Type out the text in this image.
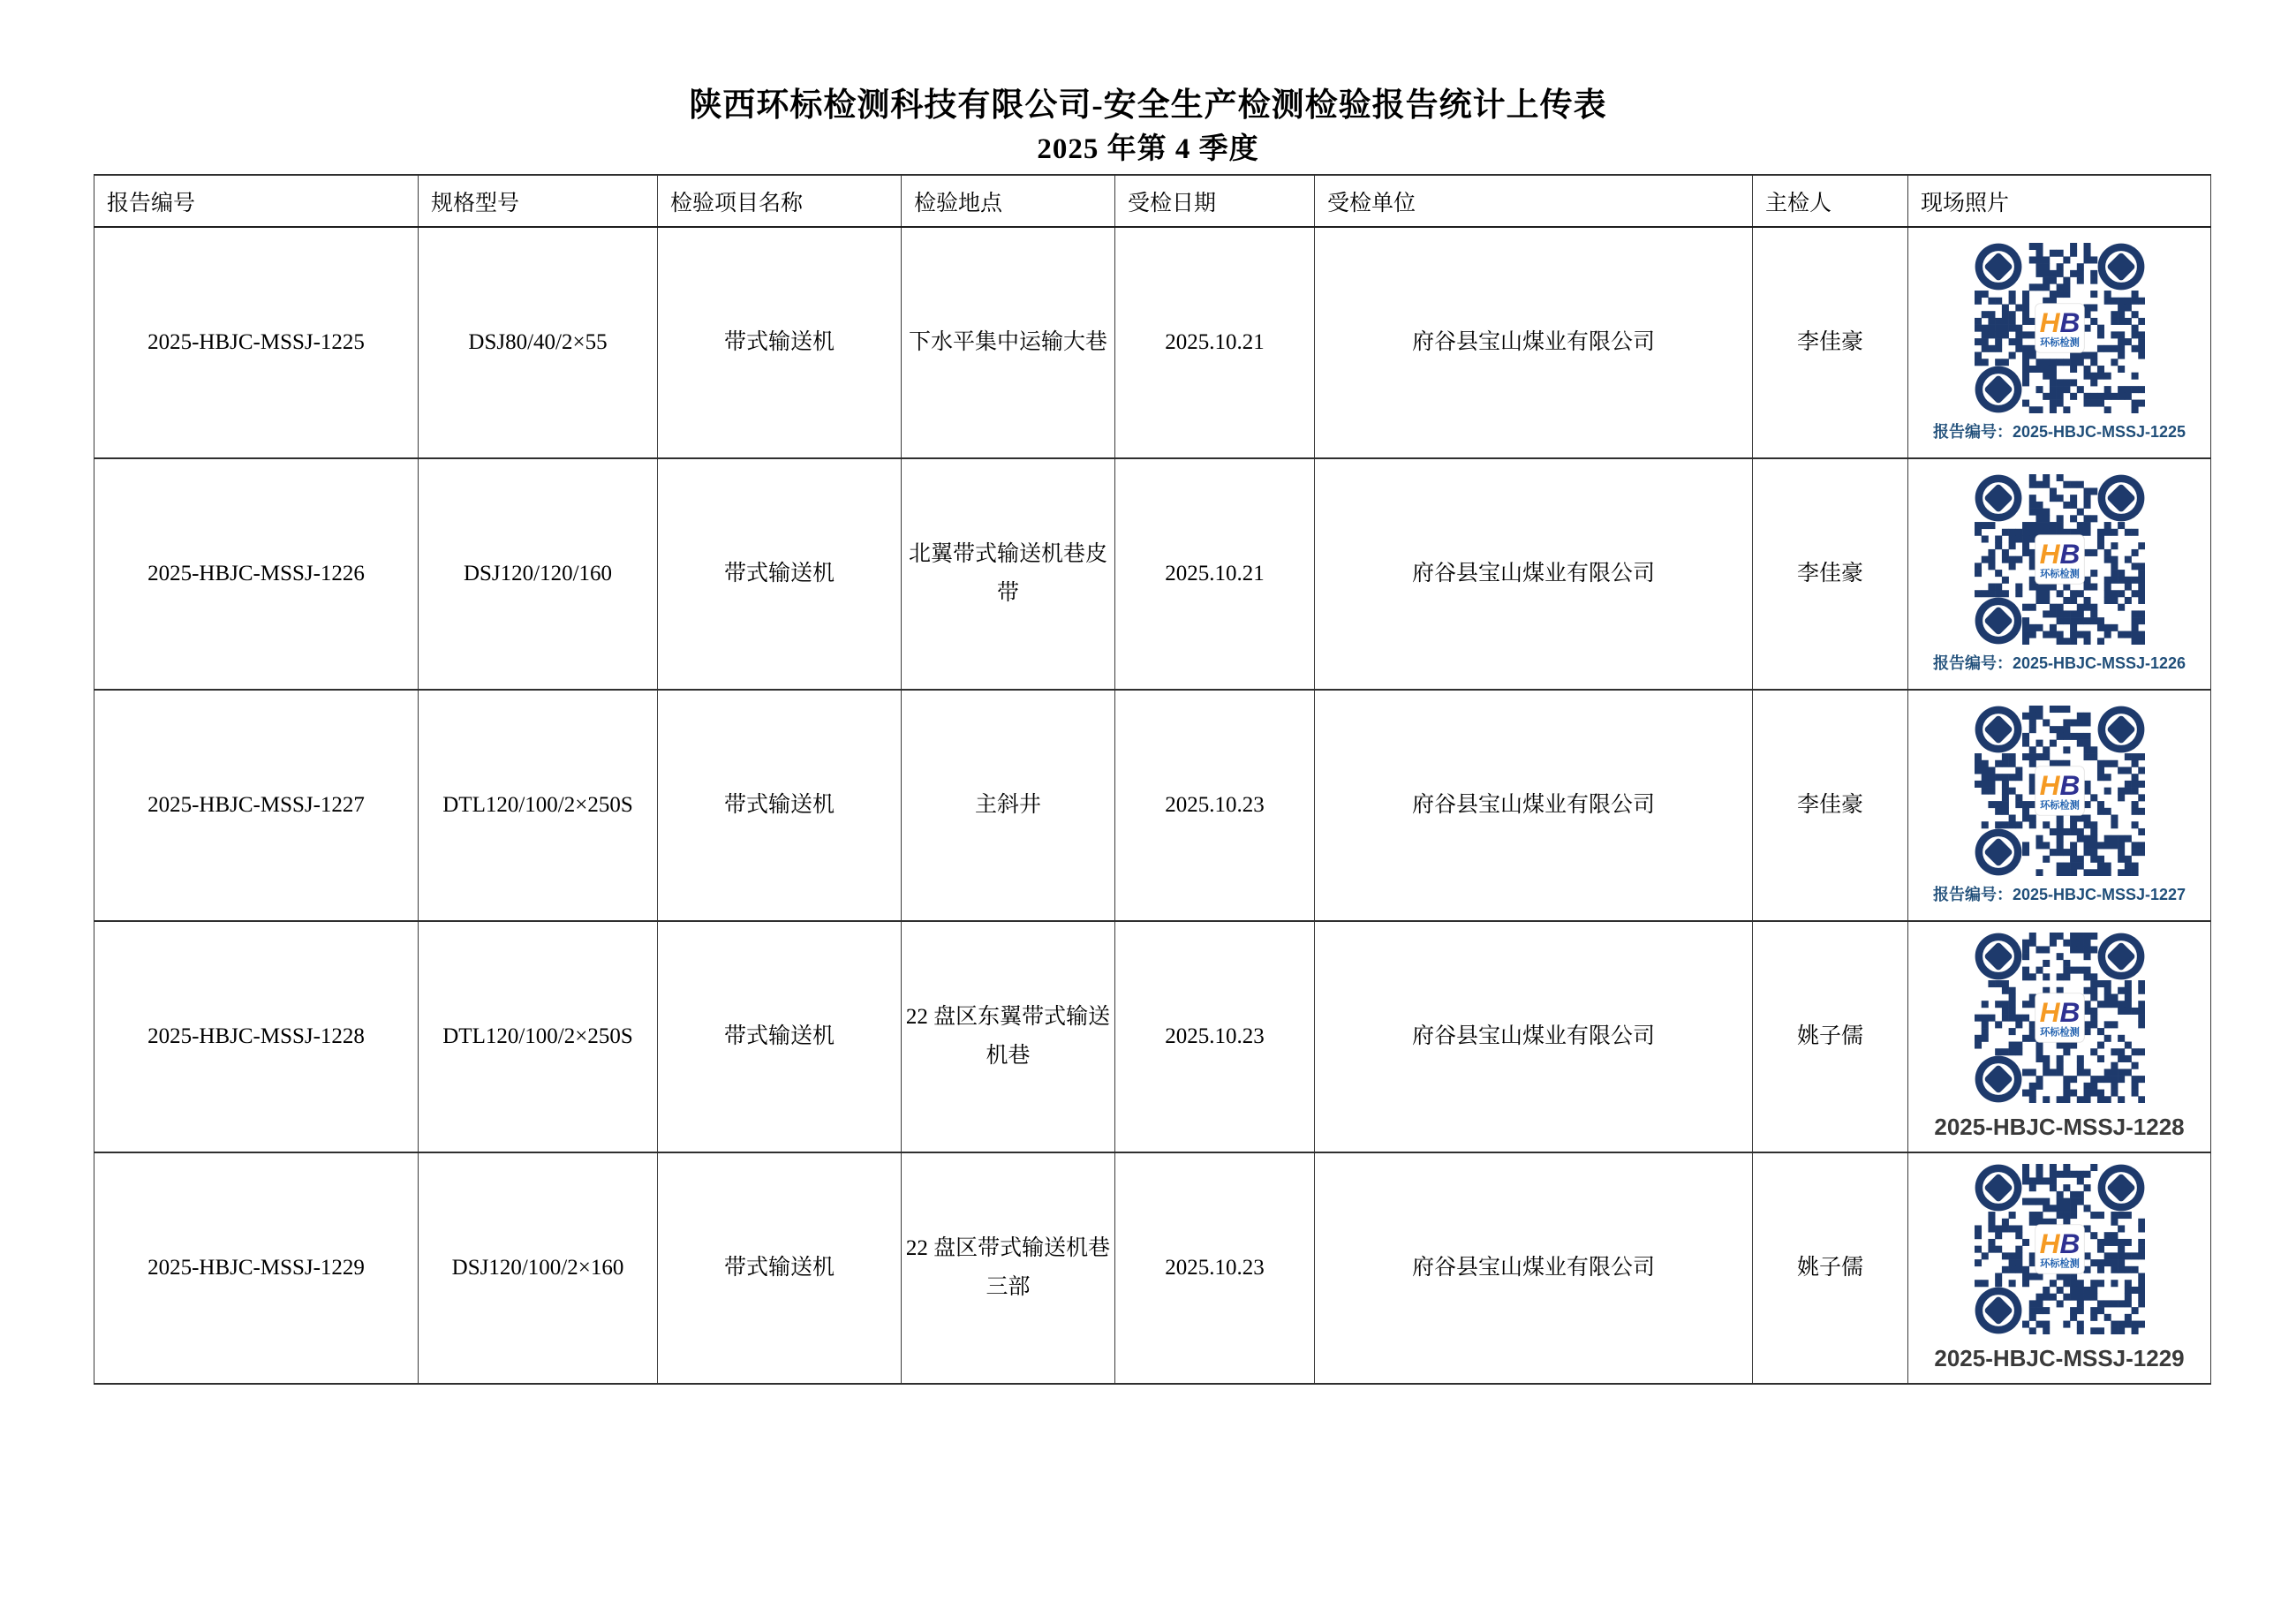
陕西环标检测科技有限公司-安全生产检测检验报告统计上传表
2025 年第 4 季度
报告编号	规格型号	检验项目名称	检验地点	受检日期	受检单位	主检人	现场照片
2025-HBJC-MSSJ-1225	DSJ80/40/2×55	带式输送机	下水平集中运输大巷	2025.10.21	府谷县宝山煤业有限公司	李佳豪	HB
环标检测
报告编号：2025-HBJC-MSSJ-1225

2025-HBJC-MSSJ-1226	DSJ120/120/160	带式输送机	北翼带式输送机巷皮带	2025.10.21	府谷县宝山煤业有限公司	李佳豪	HB
环标检测
报告编号：2025-HBJC-MSSJ-1226

2025-HBJC-MSSJ-1227	DTL120/100/2×250S	带式输送机	主斜井	2025.10.23	府谷县宝山煤业有限公司	李佳豪	HB
环标检测
报告编号：2025-HBJC-MSSJ-1227

2025-HBJC-MSSJ-1228	DTL120/100/2×250S	带式输送机	22 盘区东翼带式输送机巷	2025.10.23	府谷县宝山煤业有限公司	姚子儒	HB
环标检测
2025-HBJC-MSSJ-1228

2025-HBJC-MSSJ-1229	DSJ120/100/2×160	带式输送机	22 盘区带式输送机巷三部	2025.10.23	府谷县宝山煤业有限公司	姚子儒	HB
环标检测
2025-HBJC-MSSJ-1229
